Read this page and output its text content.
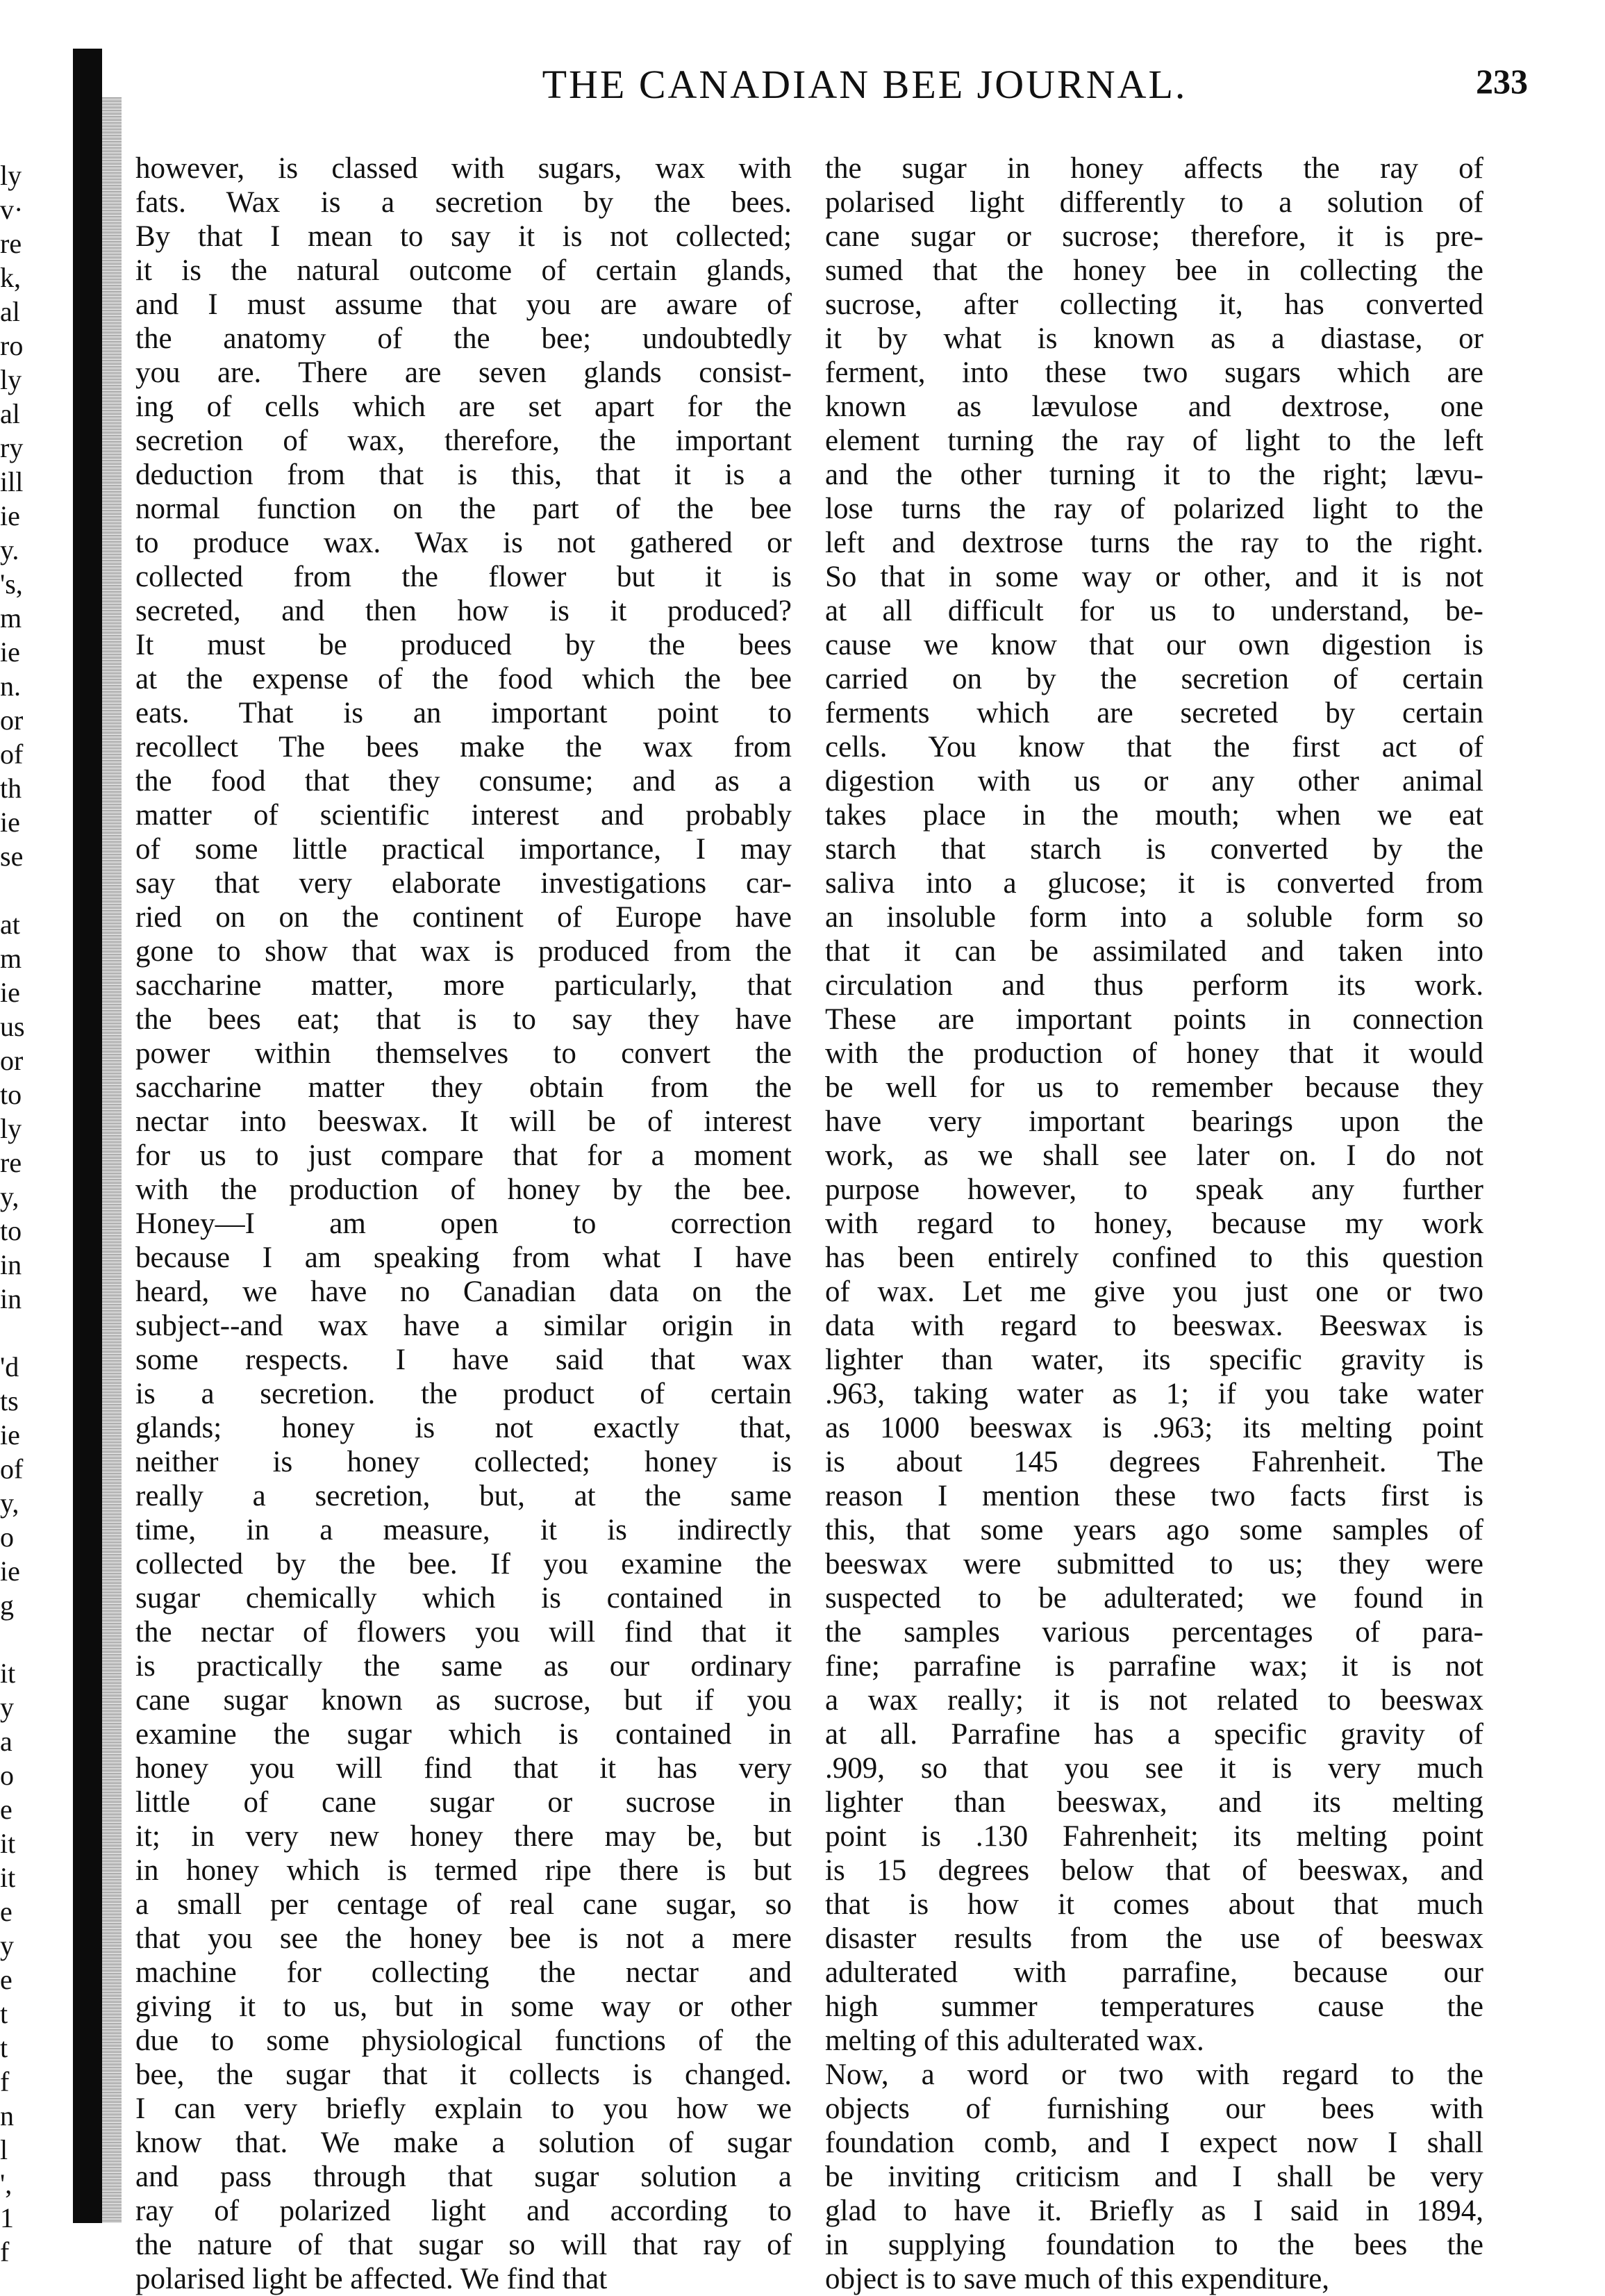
ly
v·
re
k,
al
ro
ly
al
ry
ill
ie
y.
's,
m
ie
n.
or
of
th
ie
se
at
m
ie
us
or
to
ly
re
y,
to
in
in
'd
ts
ie
of
y,
o
ie
g
it
y
a
o
e
it
it
e
y
e
t
t
f
n
l
',
1
f
THE CANADIAN BEE JOURNAL.	233
however, is classed with sugars, wax with
fats. Wax is a secretion by the bees.
By that I mean to say it is not collected;
it is the natural outcome of certain glands,
and I must assume that you are aware of
the anatomy of the bee; undoubtedly
you are. There are seven glands consist-
ing of cells which are set apart for the
secretion of wax, therefore, the important
deduction from that is this, that it is a
normal function on the part of the bee
to produce wax. Wax is not gathered or
collected from the flower but it is
secreted, and then how is it produced?
It must be produced by the bees
at the expense of the food which the bee
eats. That is an important point to
recollect The bees make the wax from
the food that they consume; and as a
matter of scientific interest and probably
of some little practical importance, I may
say that very elaborate investigations car-
ried on on the continent of Europe have
gone to show that wax is produced from the
saccharine matter, more particularly, that
the bees eat; that is to say they have
power within themselves to convert the
saccharine matter they obtain from the
nectar into beeswax. It will be of interest
for us to just compare that for a moment
with the production of honey by the bee.
Honey—I am open to correction
because I am speaking from what I have
heard, we have no Canadian data on the
subject--and wax have a similar origin in
some respects. I have said that wax
is a secretion. the product of certain
glands; honey is not exactly that,
neither is honey collected; honey is
really a secretion, but, at the same
time, in a measure, it is indirectly
collected by the bee. If you examine the
sugar chemically which is contained in
the nectar of flowers you will find that it
is practically the same as our ordinary
cane sugar known as sucrose, but if you
examine the sugar which is contained in
honey you will find that it has very
little of cane sugar or sucrose in
it; in very new honey there may be, but
in honey which is termed ripe there is but
a small per centage of real cane sugar, so
that you see the honey bee is not a mere
machine for collecting the nectar and
giving it to us, but in some way or other
due to some physiological functions of the
bee, the sugar that it collects is changed.
I can very briefly explain to you how we
know that. We make a solution of sugar
and pass through that sugar solution a
ray of polarized light and according to
the nature of that sugar so will that ray of
polarised light be affected. We find that
the sugar in honey affects the ray of
polarised light differently to a solution of
cane sugar or sucrose; therefore, it is pre-
sumed that the honey bee in collecting the
sucrose, after collecting it, has converted
it by what is known as a diastase, or
ferment, into these two sugars which are
known as lævulose and dextrose, one
element turning the ray of light to the left
and the other turning it to the right; lævu-
lose turns the ray of polarized light to the
left and dextrose turns the ray to the right.
So that in some way or other, and it is not
at all difficult for us to understand, be-
cause we know that our own digestion is
carried on by the secretion of certain
ferments which are secreted by certain
cells. You know that the first act of
digestion with us or any other animal
takes place in the mouth; when we eat
starch that starch is converted by the
saliva into a glucose; it is converted from
an insoluble form into a soluble form so
that it can be assimilated and taken into
circulation and thus perform its work.
These are important points in connection
with the production of honey that it would
be well for us to remember because they
have very important bearings upon the
work, as we shall see later on. I do not
purpose however, to speak any further
with regard to honey, because my work
has been entirely confined to this question
of wax. Let me give you just one or two
data with regard to beeswax. Beeswax is
lighter than water, its specific gravity is
.963, taking water as 1; if you take water
as 1000 beeswax is .963; its melting point
is about 145 degrees Fahrenheit. The
reason I mention these two facts first is
this, that some years ago some samples of
beeswax were submitted to us; they were
suspected to be adulterated; we found in
the samples various percentages of para-
fine; parrafine is parrafine wax; it is not
a wax really; it is not related to beeswax
at all. Parrafine has a specific gravity of
.909, so that you see it is very much
lighter than beeswax, and its melting
point is .130 Fahrenheit; its melting point
is 15 degrees below that of beeswax, and
that is how it comes about that much
disaster results from the use of beeswax
adulterated with parrafine, because our
high summer temperatures cause the
melting of this adulterated wax.
Now, a word or two with regard to the
objects of furnishing our bees with
foundation comb, and I expect now I shall
be inviting criticism and I shall be very
glad to have it. Briefly as I said in 1894,
in supplying foundation to the bees the
object is to save much of this expenditure,
